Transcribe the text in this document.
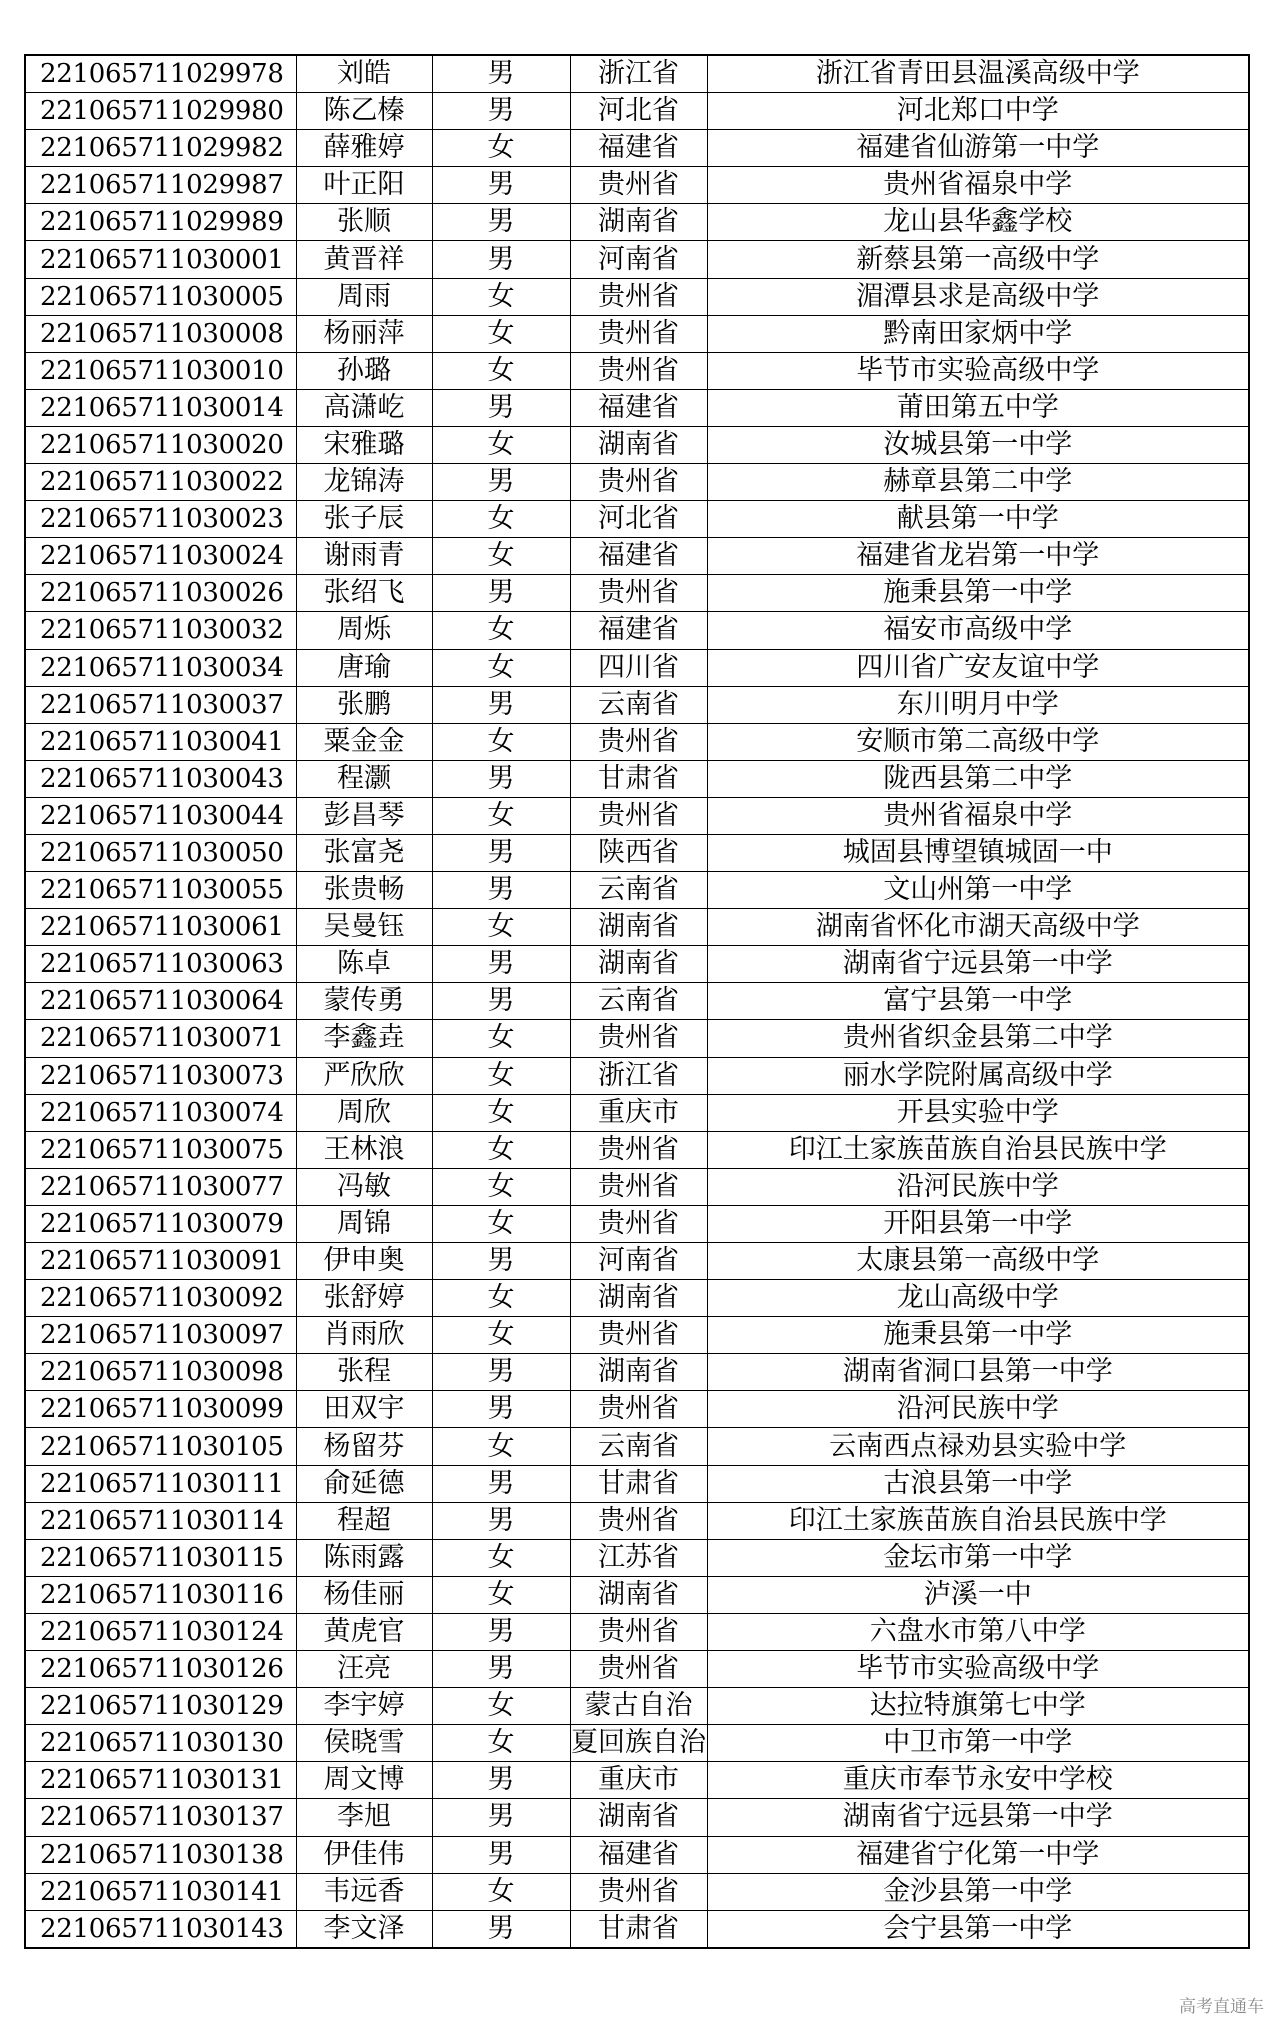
221065711029978	刘皓	男	浙江省	浙江省青田县温溪高级中学
221065711029980	陈乙榛	男	河北省	河北郑口中学
221065711029982	薛雅婷	女	福建省	福建省仙游第一中学
221065711029987	叶正阳	男	贵州省	贵州省福泉中学
221065711029989	张顺	男	湖南省	龙山县华鑫学校
221065711030001	黄晋祥	男	河南省	新蔡县第一高级中学
221065711030005	周雨	女	贵州省	湄潭县求是高级中学
221065711030008	杨丽萍	女	贵州省	黔南田家炳中学
221065711030010	孙璐	女	贵州省	毕节市实验高级中学
221065711030014	高潇屹	男	福建省	莆田第五中学
221065711030020	宋雅璐	女	湖南省	汝城县第一中学
221065711030022	龙锦涛	男	贵州省	赫章县第二中学
221065711030023	张子辰	女	河北省	献县第一中学
221065711030024	谢雨青	女	福建省	福建省龙岩第一中学
221065711030026	张绍飞	男	贵州省	施秉县第一中学
221065711030032	周烁	女	福建省	福安市高级中学
221065711030034	唐瑜	女	四川省	四川省广安友谊中学
221065711030037	张鹏	男	云南省	东川明月中学
221065711030041	粟金金	女	贵州省	安顺市第二高级中学
221065711030043	程灏	男	甘肃省	陇西县第二中学
221065711030044	彭昌琴	女	贵州省	贵州省福泉中学
221065711030050	张富尧	男	陕西省	城固县博望镇城固一中
221065711030055	张贵畅	男	云南省	文山州第一中学
221065711030061	吴曼钰	女	湖南省	湖南省怀化市湖天高级中学
221065711030063	陈卓	男	湖南省	湖南省宁远县第一中学
221065711030064	蒙传勇	男	云南省	富宁县第一中学
221065711030071	李鑫垚	女	贵州省	贵州省织金县第二中学
221065711030073	严欣欣	女	浙江省	丽水学院附属高级中学
221065711030074	周欣	女	重庆市	开县实验中学
221065711030075	王林浪	女	贵州省	印江土家族苗族自治县民族中学
221065711030077	冯敏	女	贵州省	沿河民族中学
221065711030079	周锦	女	贵州省	开阳县第一中学
221065711030091	伊申奥	男	河南省	太康县第一高级中学
221065711030092	张舒婷	女	湖南省	龙山高级中学
221065711030097	肖雨欣	女	贵州省	施秉县第一中学
221065711030098	张程	男	湖南省	湖南省洞口县第一中学
221065711030099	田双宇	男	贵州省	沿河民族中学
221065711030105	杨留芬	女	云南省	云南西点禄劝县实验中学
221065711030111	俞延德	男	甘肃省	古浪县第一中学
221065711030114	程超	男	贵州省	印江土家族苗族自治县民族中学
221065711030115	陈雨露	女	江苏省	金坛市第一中学
221065711030116	杨佳丽	女	湖南省	泸溪一中
221065711030124	黄虎官	男	贵州省	六盘水市第八中学
221065711030126	汪亮	男	贵州省	毕节市实验高级中学
221065711030129	李宇婷	女	蒙古自治	达拉特旗第七中学
221065711030130	侯晓雪	女	夏回族自治	中卫市第一中学
221065711030131	周文博	男	重庆市	重庆市奉节永安中学校
221065711030137	李旭	男	湖南省	湖南省宁远县第一中学
221065711030138	伊佳伟	男	福建省	福建省宁化第一中学
221065711030141	韦远香	女	贵州省	金沙县第一中学
221065711030143	李文泽	男	甘肃省	会宁县第一中学
高考直通车
